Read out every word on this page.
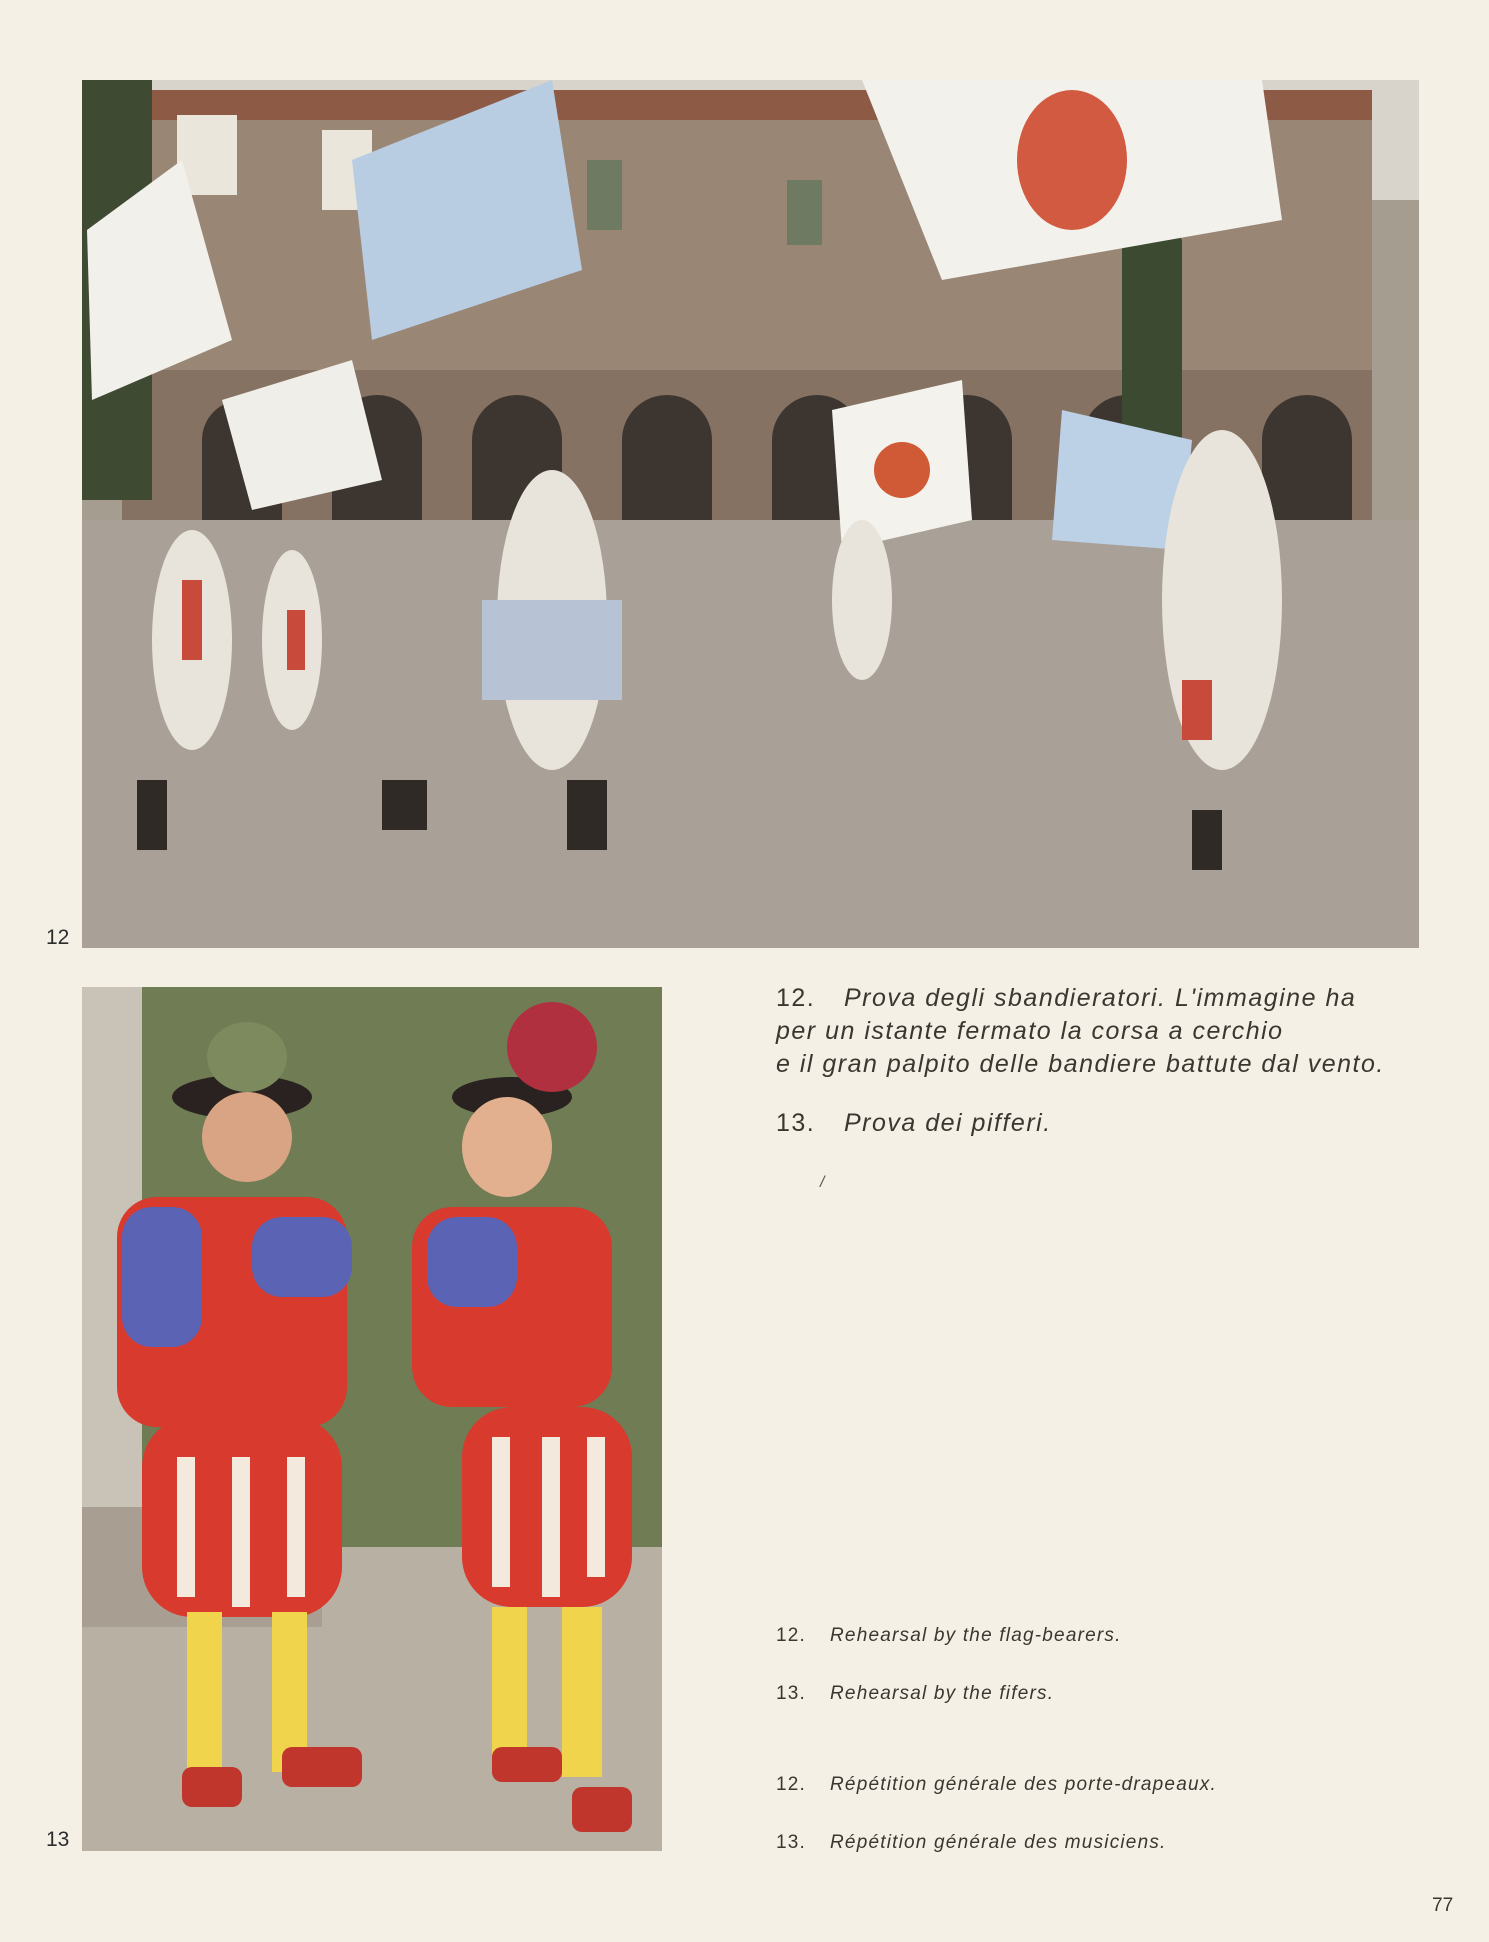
12
13
12. Prova degli sbandieratori. L'immagine ha
per un istante fermato la corsa a cerchio
e il gran palpito delle bandiere battute dal vento.
13. Prova dei pifferi.
/
12. Rehearsal by the flag-bearers.
13. Rehearsal by the fifers.
12. Répétition générale des porte-drapeaux.
13. Répétition générale des musiciens.
77
